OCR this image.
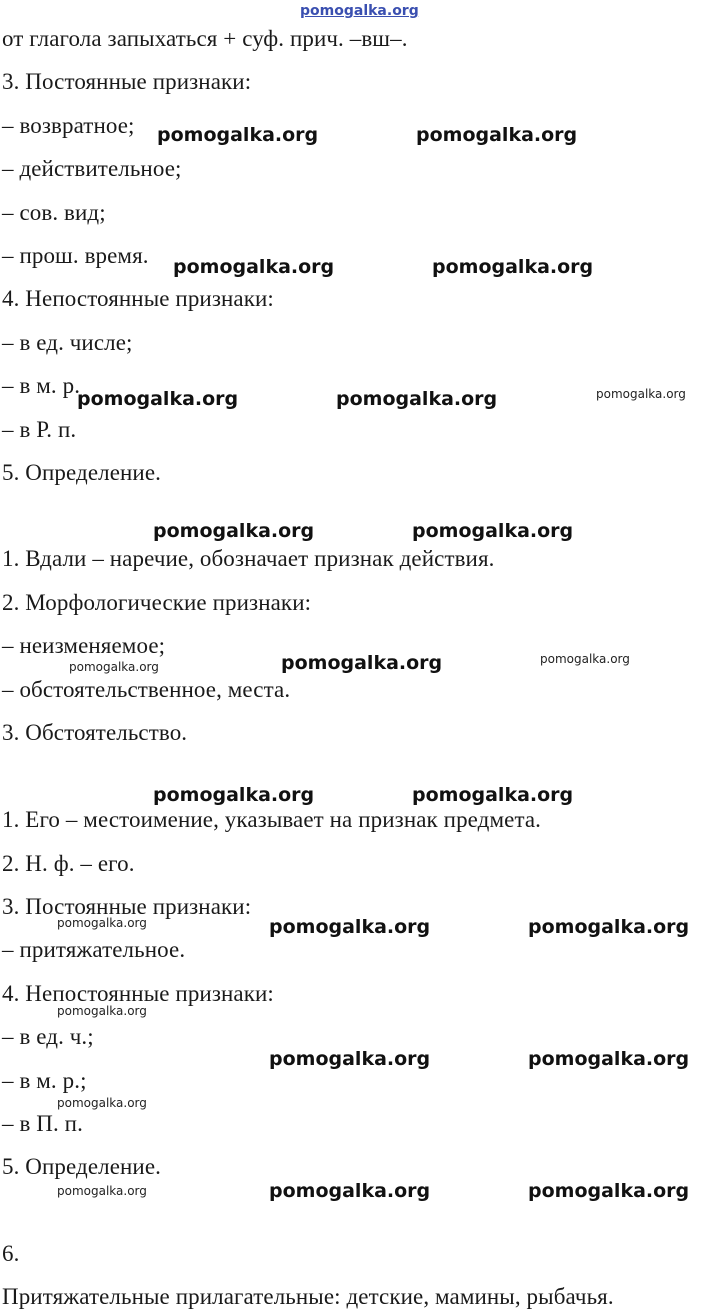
pomogalka.org
от глагола запыхаться + суф. прич. –вш–.
3. Постоянные признаки:
– возвратное;
– действительное;
– сов. вид;
– прош. время.
4. Непостоянные признаки:
– в ед. числе;
– в м. р.
– в Р. п.
5. Определение.
1. Вдали – наречие, обозначает признак действия.
2. Морфологические признаки:
– неизменяемое;
– обстоятельственное, места.
3. Обстоятельство.
1. Его – местоимение, указывает на признак предмета.
2. Н. ф. – его.
3. Постоянные признаки:
– притяжательное.
4. Непостоянные признаки:
– в ед. ч.;
– в м. р.;
– в П. п.
5. Определение.
6.
Притяжательные прилагательные: детские, мамины, рыбачья.
pomogalka.org	pomogalka.org
pomogalka.org	pomogalka.org
pomogalka.org	pomogalka.org	pomogalka.org
pomogalka.org	pomogalka.org
pomogalka.org	pomogalka.org	pomogalka.org
pomogalka.org	pomogalka.org
pomogalka.org	pomogalka.org	pomogalka.org
pomogalka.org
pomogalka.org	pomogalka.org
pomogalka.org
pomogalka.org	pomogalka.org	pomogalka.org
